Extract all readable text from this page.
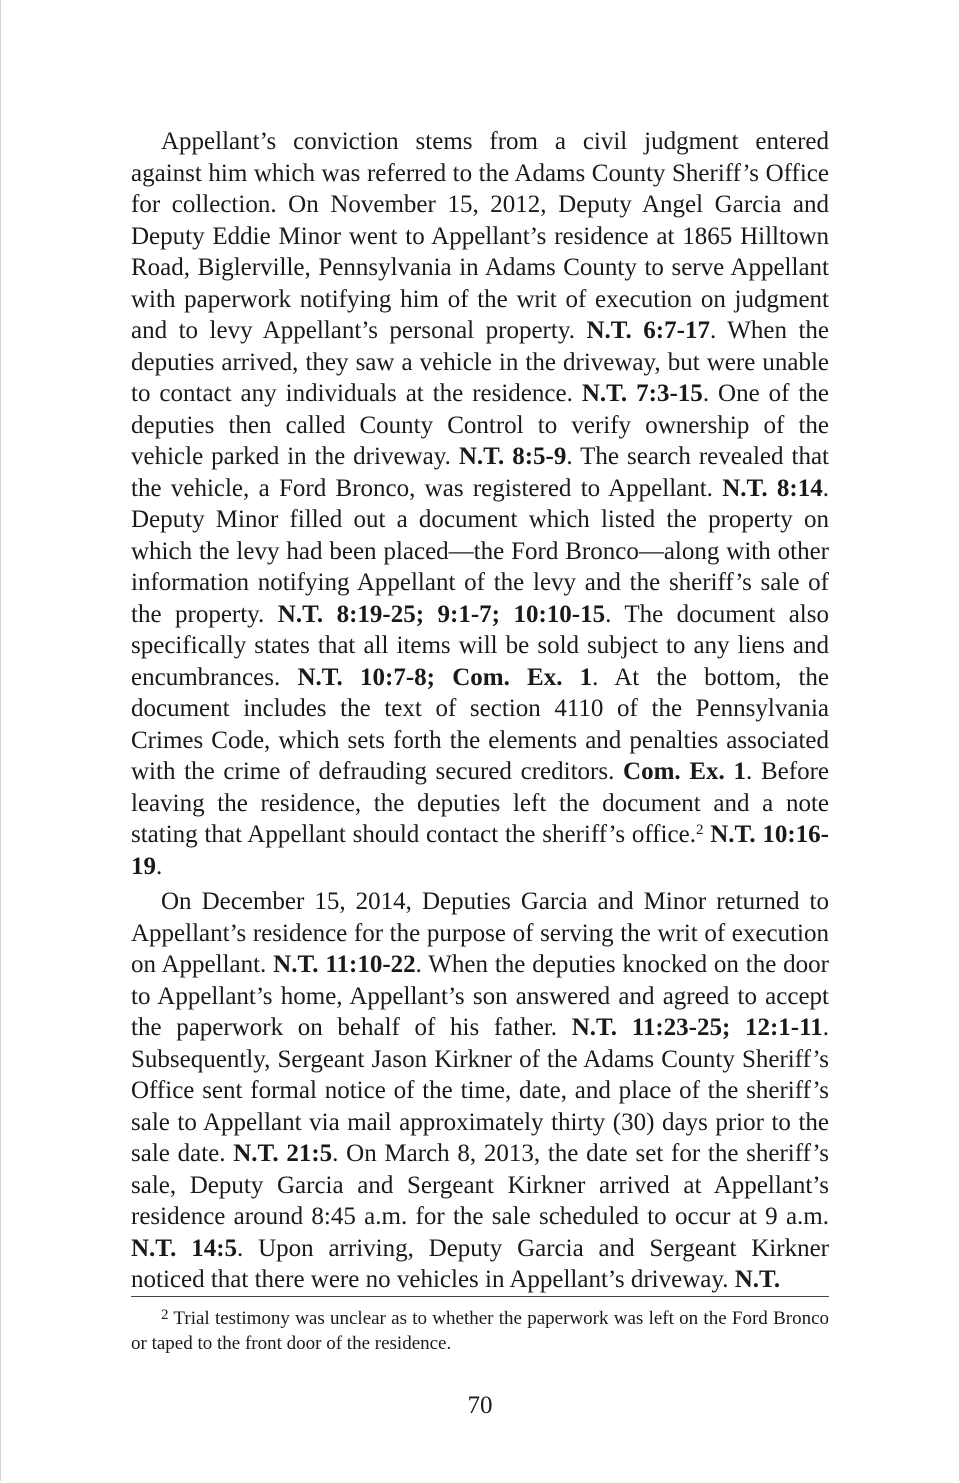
Appellant’s conviction stems from a civil judgment entered against him which was referred to the Adams County Sheriff’s Office for collection. On November 15, 2012, Deputy Angel Garcia and Deputy Eddie Minor went to Appellant’s residence at 1865 Hilltown Road, Biglerville, Pennsylvania in Adams County to serve Appellant with paperwork notifying him of the writ of execution on judgment and to levy Appellant’s personal property. N.T. 6:7-17. When the deputies arrived, they saw a vehicle in the driveway, but were unable to contact any individuals at the residence. N.T. 7:3-15. One of the deputies then called County Control to verify ownership of the vehicle parked in the driveway. N.T. 8:5-9. The search revealed that the vehicle, a Ford Bronco, was registered to Appellant. N.T. 8:14. Deputy Minor filled out a document which listed the property on which the levy had been placed—the Ford Bronco—along with other information notifying Appellant of the levy and the sheriff’s sale of the property. N.T. 8:19-25; 9:1-7; 10:10-15. The document also specifically states that all items will be sold subject to any liens and encumbrances. N.T. 10:7-8; Com. Ex. 1. At the bottom, the document includes the text of section 4110 of the Pennsylvania Crimes Code, which sets forth the elements and penalties associated with the crime of defrauding secured creditors. Com. Ex. 1. Before leaving the residence, the deputies left the document and a note stating that Appellant should contact the sheriff’s office.$^2$ N.T. 10:16-19.

On December 15, 2014, Deputies Garcia and Minor returned to Appellant’s residence for the purpose of serving the writ of execution on Appellant. N.T. 11:10-22. When the deputies knocked on the door to Appellant’s home, Appellant’s son answered and agreed to accept the paperwork on behalf of his father. N.T. 11:23-25; 12:1-11. Subsequently, Sergeant Jason Kirkner of the Adams County Sheriff’s Office sent formal notice of the time, date, and place of the sheriff’s sale to Appellant via mail approximately thirty (30) days prior to the sale date. N.T. 21:5. On March 8, 2013, the date set for the sheriff’s sale, Deputy Garcia and Sergeant Kirkner arrived at Appellant’s residence around 8:45 a.m. for the sale scheduled to occur at 9 a.m. N.T. 14:5. Upon arriving, Deputy Garcia and Sergeant Kirkner noticed that there were no vehicles in Appellant’s driveway. N.T.

$^2$ Trial testimony was unclear as to whether the paperwork was left on the Ford Bronco or taped to the front door of the residence.

70
